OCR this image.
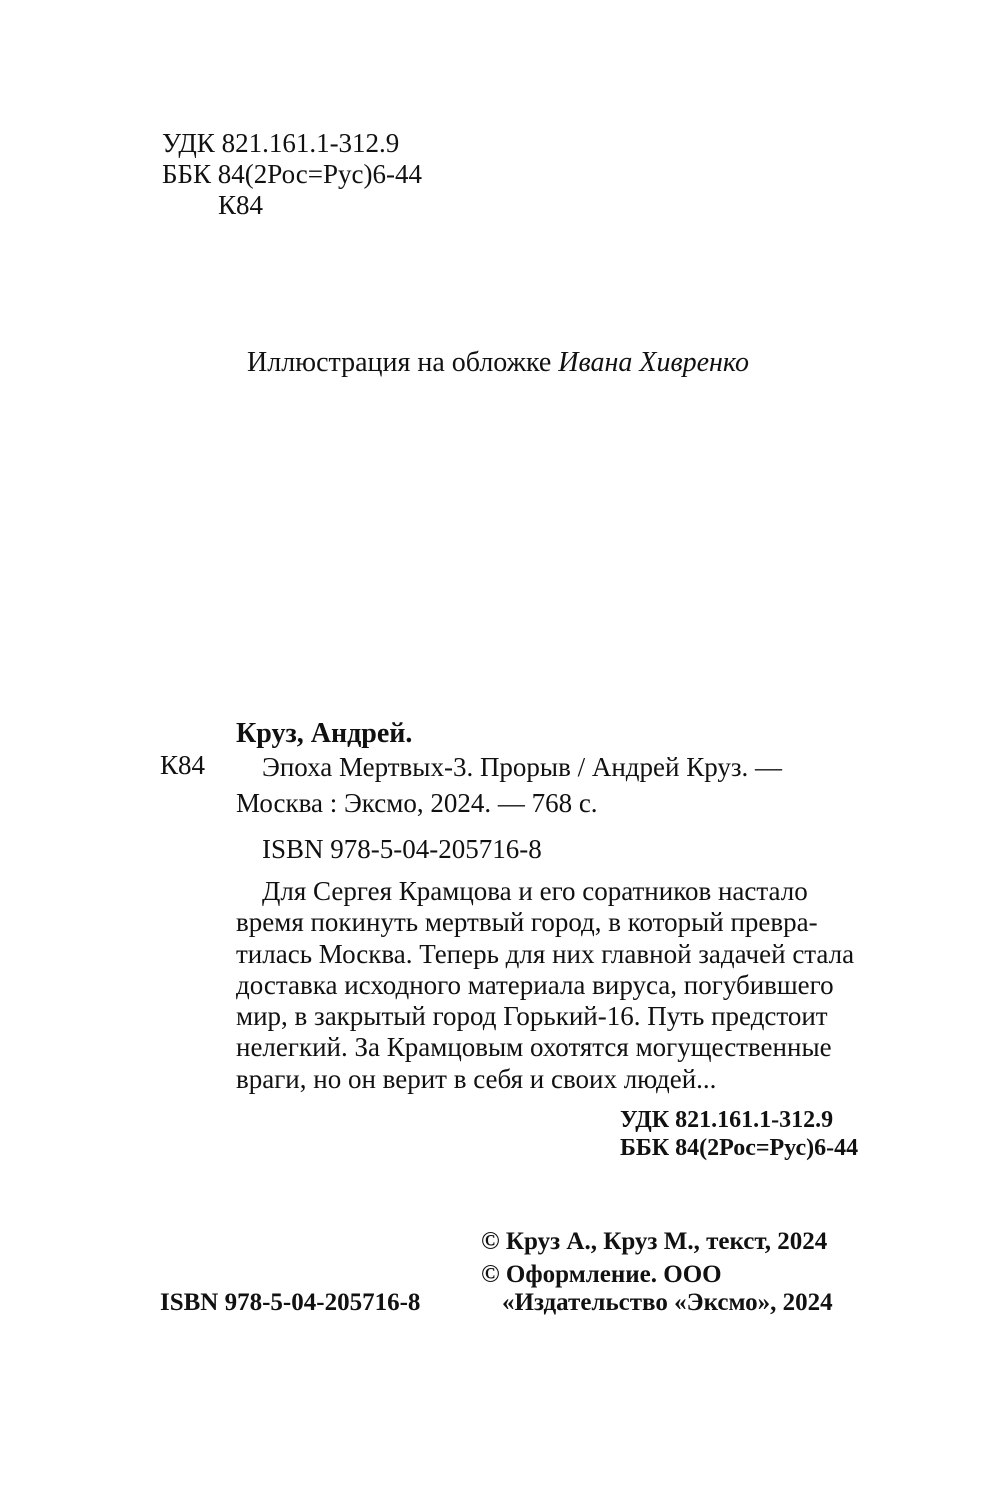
УДК 821.161.1-312.9
ББК 84(2Рос=Рус)6-44
К84
Иллюстрация на обложке Ивана Хивренко
К84
Круз, Андрей.
Эпоха Мертвых-3. Прорыв / Андрей Круз. —
Москва : Эксмо, 2024. — 768 с.
ISBN 978-5-04-205716-8
Для Сергея Крамцова и его соратников настало
время покинуть мертвый город, в который превра-
тилась Москва. Теперь для них главной задачей стала
доставка исходного материала вируса, погубившего
мир, в закрытый город Горький-16. Путь предстоит
нелегкий. За Крамцовым охотятся могущественные
враги, но он верит в себя и своих людей...
УДК 821.161.1-312.9
ББК 84(2Рос=Рус)6-44
© Круз А., Круз М., текст, 2024
© Оформление. ООО
«Издательство «Эксмо», 2024
ISBN 978-5-04-205716-8
